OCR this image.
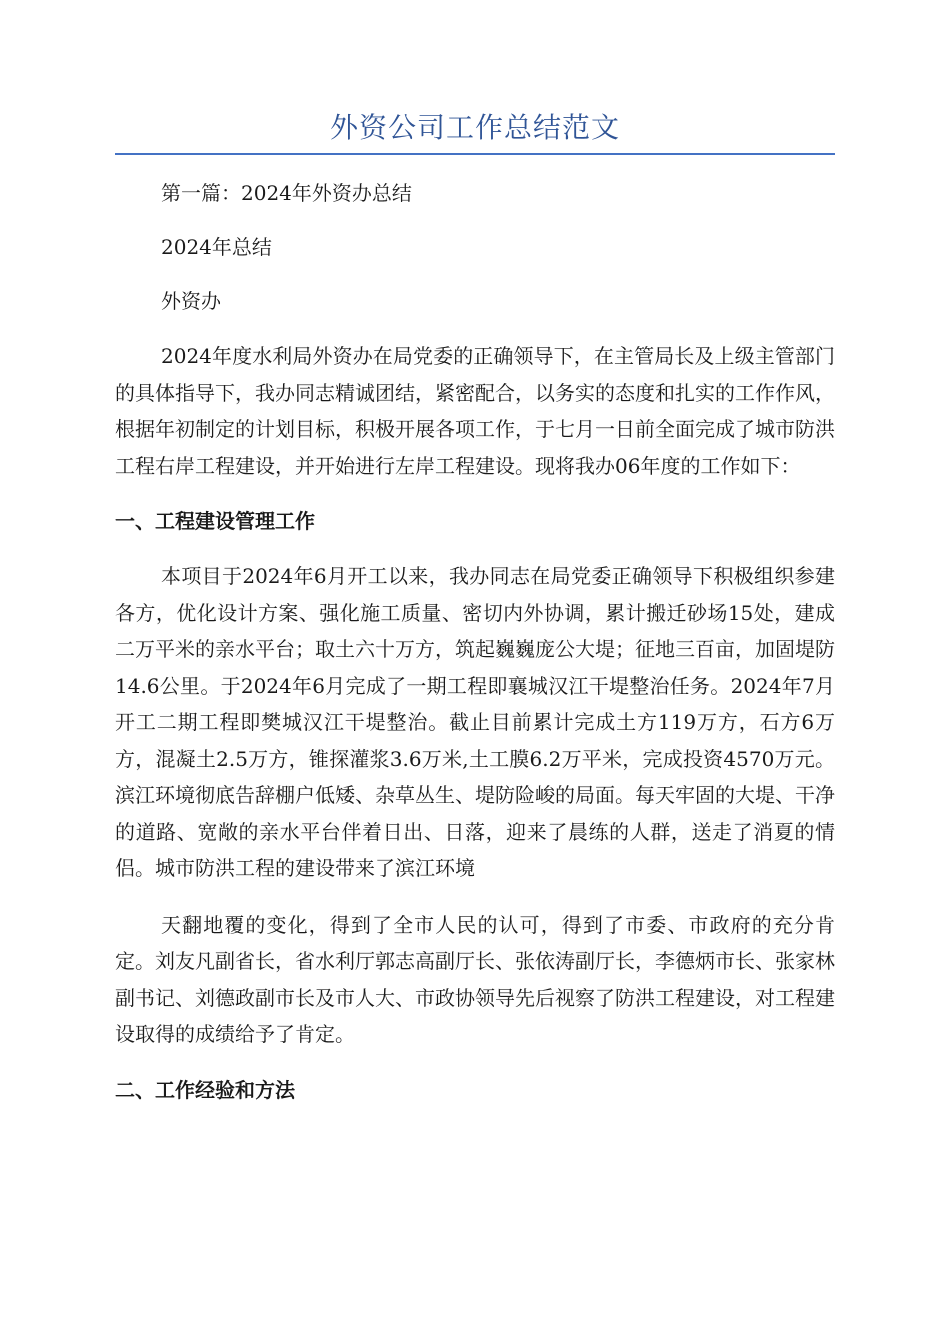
外资公司工作总结范文

第一篇：2024年外资办总结

2024年总结

外资办

2024年度水利局外资办在局党委的正确领导下，在主管局长及上级主管部门的具体指导下，我办同志精诚团结，紧密配合，以务实的态度和扎实的工作作风，根据年初制定的计划目标，积极开展各项工作，于七月一日前全面完成了城市防洪工程右岸工程建设，并开始进行左岸工程建设。现将我办06年度的工作如下：

一、工程建设管理工作

本项目于2024年6月开工以来，我办同志在局党委正确领导下积极组织参建各方，优化设计方案、强化施工质量、密切内外协调，累计搬迁砂场15处，建成二万平米的亲水平台；取土六十万方，筑起巍巍庞公大堤；征地三百亩，加固堤防14.6公里。于2024年6月完成了一期工程即襄城汉江干堤整治任务。2024年7月开工二期工程即樊城汉江干堤整治。截止目前累计完成土方119万方，石方6万方，混凝土2.5万方，锥探灌浆3.6万米,土工膜6.2万平米，完成投资4570万元。滨江环境彻底告辞棚户低矮、杂草丛生、堤防险峻的局面。每天牢固的大堤、干净的道路、宽敞的亲水平台伴着日出、日落，迎来了晨练的人群，送走了消夏的情侣。城市防洪工程的建设带来了滨江环境

天翻地覆的变化，得到了全市人民的认可，得到了市委、市政府的充分肯定。刘友凡副省长，省水利厅郭志高副厅长、张依涛副厅长，李德炳市长、张家林副书记、刘德政副市长及市人大、市政协领导先后视察了防洪工程建设，对工程建设取得的成绩给予了肯定。

二、工作经验和方法
